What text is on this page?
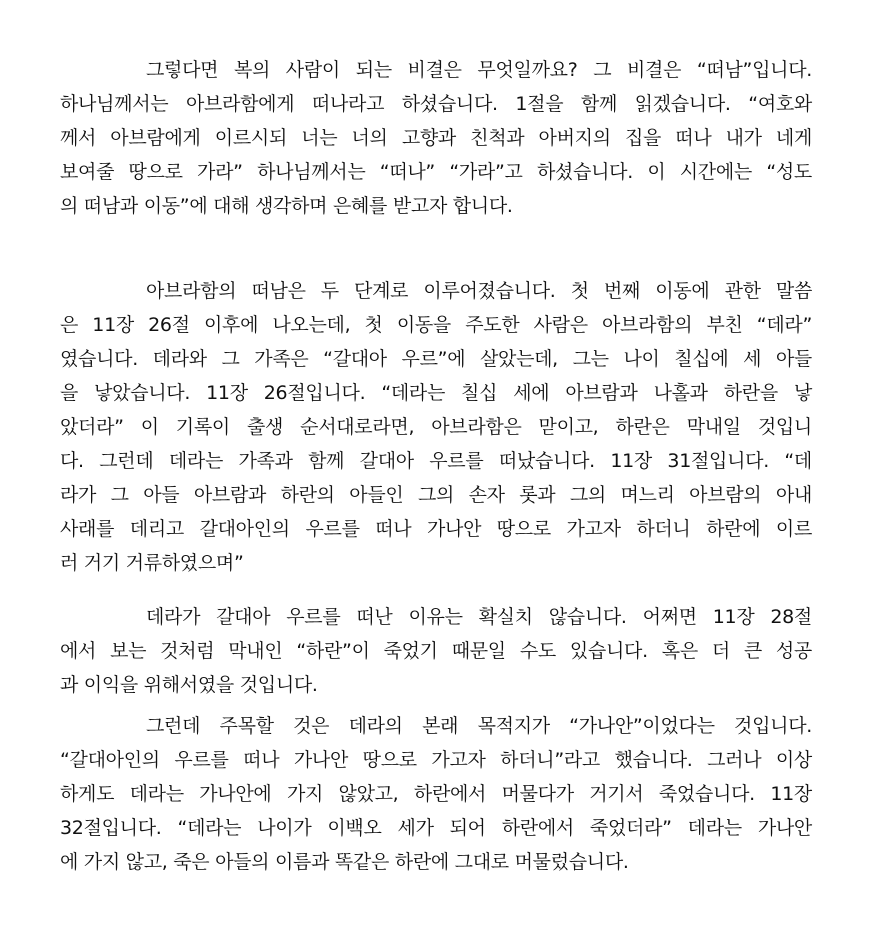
그렇다면 복의 사람이 되는 비결은 무엇일까요? 그 비결은 “떠남”입니다.
하나님께서는 아브라함에게 떠나라고 하셨습니다. 1절을 함께 읽겠습니다. “여호와
께서 아브람에게 이르시되 너는 너의 고향과 친척과 아버지의 집을 떠나 내가 네게
보여줄 땅으로 가라” 하나님께서는 “떠나” “가라”고 하셨습니다. 이 시간에는 “성도
의 떠남과 이동”에 대해 생각하며 은혜를 받고자 합니다.
아브라함의 떠남은 두 단계로 이루어졌습니다. 첫 번째 이동에 관한 말씀
은 11장 26절 이후에 나오는데, 첫 이동을 주도한 사람은 아브라함의 부친 “데라”
였습니다. 데라와 그 가족은 “갈대아 우르”에 살았는데, 그는 나이 칠십에 세 아들
을 낳았습니다. 11장 26절입니다. “데라는 칠십 세에 아브람과 나홀과 하란을 낳
았더라” 이 기록이 출생 순서대로라면, 아브라함은 맏이고, 하란은 막내일 것입니
다. 그런데 데라는 가족과 함께 갈대아 우르를 떠났습니다. 11장 31절입니다. “데
라가 그 아들 아브람과 하란의 아들인 그의 손자 롯과 그의 며느리 아브람의 아내
사래를 데리고 갈대아인의 우르를 떠나 가나안 땅으로 가고자 하더니 하란에 이르
러 거기 거류하였으며”
데라가 갈대아 우르를 떠난 이유는 확실치 않습니다. 어쩌면 11장 28절
에서 보는 것처럼 막내인 “하란”이 죽었기 때문일 수도 있습니다. 혹은 더 큰 성공
과 이익을 위해서였을 것입니다.
그런데 주목할 것은 데라의 본래 목적지가 “가나안”이었다는 것입니다.
“갈대아인의 우르를 떠나 가나안 땅으로 가고자 하더니”라고 했습니다. 그러나 이상
하게도 데라는 가나안에 가지 않았고, 하란에서 머물다가 거기서 죽었습니다. 11장
32절입니다. “데라는 나이가 이백오 세가 되어 하란에서 죽었더라” 데라는 가나안
에 가지 않고, 죽은 아들의 이름과 똑같은 하란에 그대로 머물렀습니다.
